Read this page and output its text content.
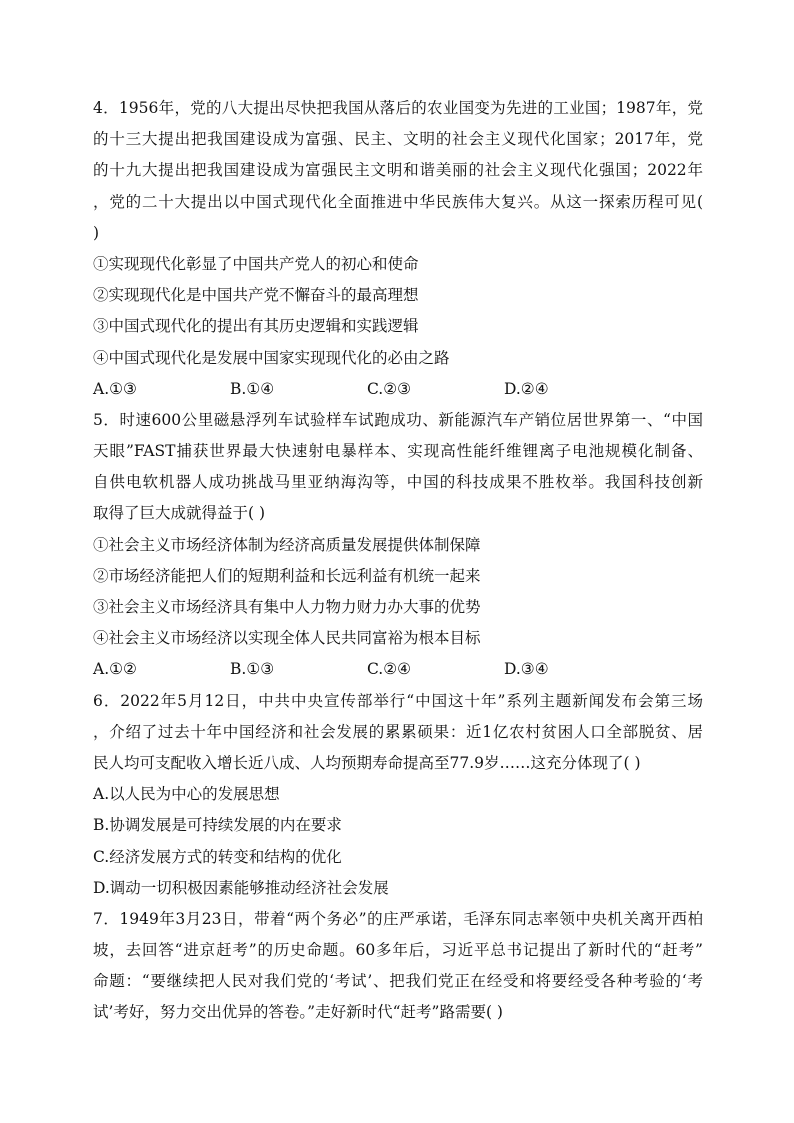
4．1956年，党的八大提出尽快把我国从落后的农业国变为先进的工业国；1987年，党
的十三大提出把我国建设成为富强、民主、文明的社会主义现代化国家；2017年，党
的十九大提出把我国建设成为富强民主文明和谐美丽的社会主义现代化强国；2022年
，党的二十大提出以中国式现代化全面推进中华民族伟大复兴。从这一探索历程可见(
)
①实现现代化彰显了中国共产党人的初心和使命
②实现现代化是中国共产党不懈奋斗的最高理想
③中国式现代化的提出有其历史逻辑和实践逻辑
④中国式现代化是发展中国家实现现代化的必由之路
A.①③	B.①④	C.②③	D.②④
5．时速600公里磁悬浮列车试验样车试跑成功、新能源汽车产销位居世界第一、“中国
天眼”FAST捕获世界最大快速射电暴样本、实现高性能纤维锂离子电池规模化制备、
自供电软机器人成功挑战马里亚纳海沟等，中国的科技成果不胜枚举。我国科技创新
取得了巨大成就得益于( )
①社会主义市场经济体制为经济高质量发展提供体制保障
②市场经济能把人们的短期利益和长远利益有机统一起来
③社会主义市场经济具有集中人力物力财力办大事的优势
④社会主义市场经济以实现全体人民共同富裕为根本目标
A.①②	B.①③	C.②④	D.③④
6．2022年5月12日，中共中央宣传部举行“中国这十年”系列主题新闻发布会第三场
，介绍了过去十年中国经济和社会发展的累累硕果：近1亿农村贫困人口全部脱贫、居
民人均可支配收入增长近八成、人均预期寿命提高至77.9岁……这充分体现了( )
A.以人民为中心的发展思想
B.协调发展是可持续发展的内在要求
C.经济发展方式的转变和结构的优化
D.调动一切积极因素能够推动经济社会发展
7．1949年3月23日，带着“两个务必”的庄严承诺，毛泽东同志率领中央机关离开西柏
坡，去回答“进京赶考”的历史命题。60多年后，习近平总书记提出了新时代的“赶考”
命题：“要继续把人民对我们党的‘考试’、把我们党正在经受和将要经受各种考验的‘考
试’考好，努力交出优异的答卷。”走好新时代“赶考”路需要( )
